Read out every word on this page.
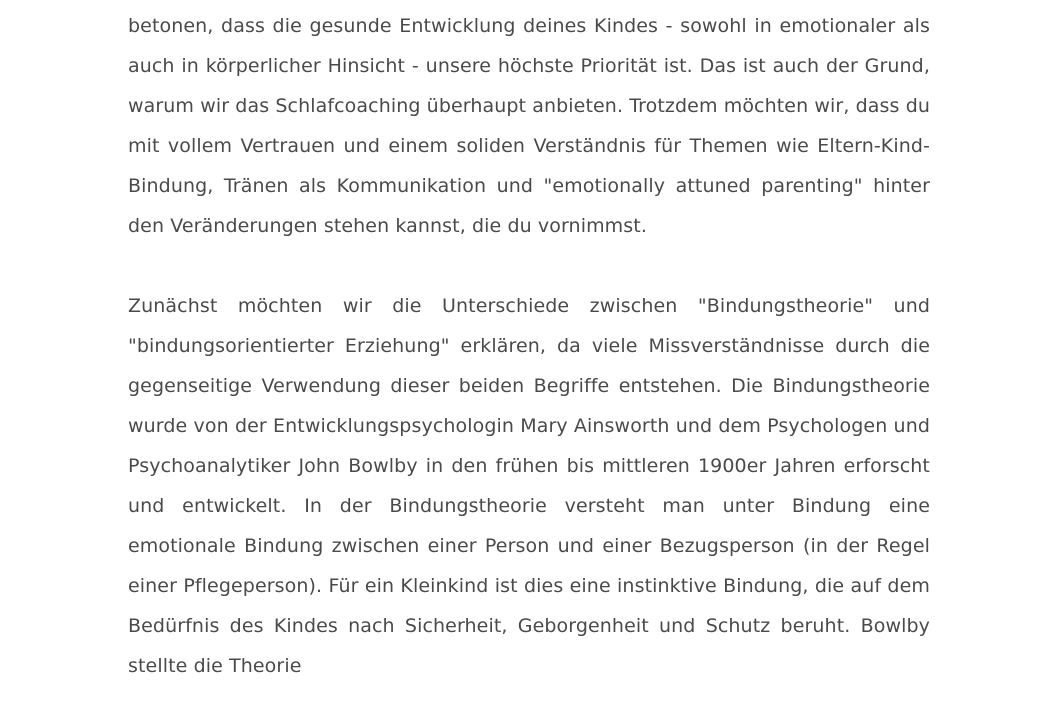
betonen, dass die gesunde Entwicklung deines Kindes - sowohl in emotionaler als auch in körperlicher Hinsicht - unsere höchste Priorität ist. Das ist auch der Grund, warum wir das Schlafcoaching überhaupt anbieten. Trotzdem möchten wir, dass du mit vollem Vertrauen und einem soliden Verständnis für Themen wie Eltern-Kind-Bindung, Tränen als Kommunikation und "emotionally attuned parenting" hinter den Veränderungen stehen kannst, die du vornimmst.

Zunächst möchten wir die Unterschiede zwischen "Bindungstheorie" und "bindungsorientierter Erziehung" erklären, da viele Missverständnisse durch die gegenseitige Verwendung dieser beiden Begriffe entstehen. Die Bindungstheorie wurde von der Entwicklungspsychologin Mary Ainsworth und dem Psychologen und Psychoanalytiker John Bowlby in den frühen bis mittleren 1900er Jahren erforscht und entwickelt. In der Bindungstheorie versteht man unter Bindung eine emotionale Bindung zwischen einer Person und einer Bezugsperson (in der Regel einer Pflegeperson). Für ein Kleinkind ist dies eine instinktive Bindung, die auf dem Bedürfnis des Kindes nach Sicherheit, Geborgenheit und Schutz beruht. Bowlby stellte die Theorie
